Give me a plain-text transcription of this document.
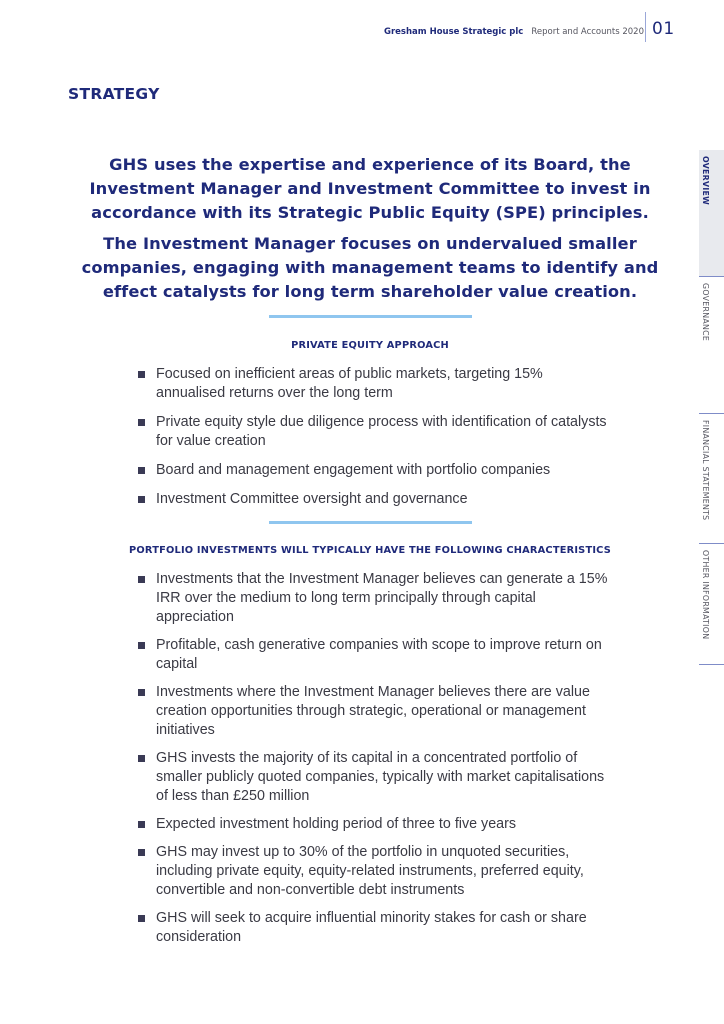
Gresham House Strategic plc Report and Accounts 2020 01
STRATEGY

GHS uses the expertise and experience of its Board, the Investment Manager and Investment Committee to invest in accordance with its Strategic Public Equity (SPE) principles.

The Investment Manager focuses on undervalued smaller companies, engaging with management teams to identify and effect catalysts for long term shareholder value creation.

PRIVATE EQUITY APPROACH
Focused on inefficient areas of public markets, targeting 15% annualised returns over the long term
Private equity style due diligence process with identification of catalysts for value creation
Board and management engagement with portfolio companies
Investment Committee oversight and governance
PORTFOLIO INVESTMENTS WILL TYPICALLY HAVE THE FOLLOWING CHARACTERISTICS
Investments that the Investment Manager believes can generate a 15% IRR over the medium to long term principally through capital appreciation
Profitable, cash generative companies with scope to improve return on capital
Investments where the Investment Manager believes there are value creation opportunities through strategic, operational or management initiatives
GHS invests the majority of its capital in a concentrated portfolio of smaller publicly quoted companies, typically with market capitalisations of less than £250 million
Expected investment holding period of three to five years
GHS may invest up to 30% of the portfolio in unquoted securities, including private equity, equity-related instruments, preferred equity, convertible and non-convertible debt instruments
GHS will seek to acquire influential minority stakes for cash or share consideration
OVERVIEW
GOVERNANCE
FINANCIAL STATEMENTS
OTHER INFORMATION
